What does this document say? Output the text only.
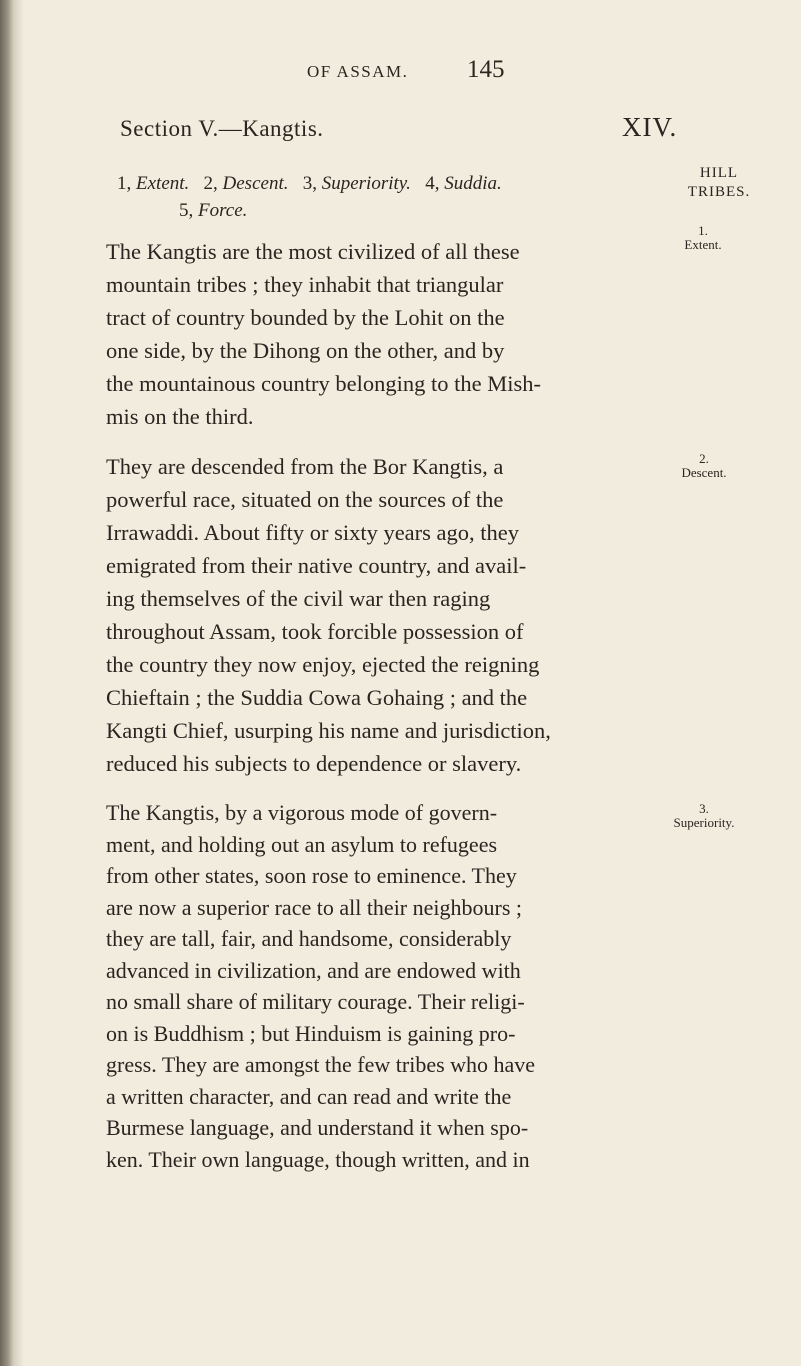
OF ASSAM. 145
Section V.—Kangtis.	XIV.
HILL
TRIBES.
1, Extent. 2, Descent. 3, Superiority. 4, Suddia.
5, Force.
The Kangtis are the most civilized of all these
mountain tribes ; they inhabit that triangular
tract of country bounded by the Lohit on the
one side, by the Dihong on the other, and by
the mountainous country belonging to the Mish-
mis on the third.
They are descended from the Bor Kangtis, a
powerful race, situated on the sources of the
Irrawaddi. About fifty or sixty years ago, they
emigrated from their native country, and avail-
ing themselves of the civil war then raging
throughout Assam, took forcible possession of
the country they now enjoy, ejected the reigning
Chieftain ; the Suddia Cowa Gohaing ; and the
Kangti Chief, usurping his name and jurisdiction,
reduced his subjects to dependence or slavery.
The Kangtis, by a vigorous mode of govern-
ment, and holding out an asylum to refugees
from other states, soon rose to eminence. They
are now a superior race to all their neighbours ;
they are tall, fair, and handsome, considerably
advanced in civilization, and are endowed with
no small share of military courage. Their religi-
on is Buddhism ; but Hinduism is gaining pro-
gress. They are amongst the few tribes who have
a written character, and can read and write the
Burmese language, and understand it when spo-
ken. Their own language, though written, and in
1.
Extent.
2.
Descent.
3.
Superiority.
